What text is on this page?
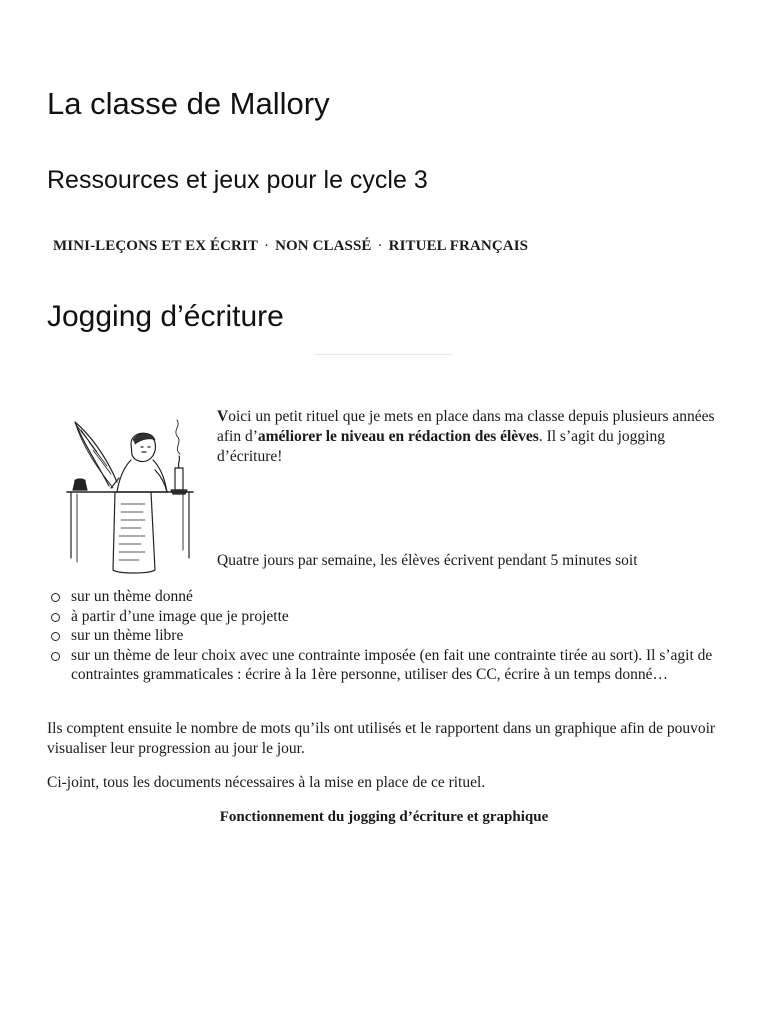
La classe de Mallory
Ressources et jeux pour le cycle 3
MINI-LEÇONS ET EX ÉCRIT · NON CLASSÉ · RITUEL FRANÇAIS
Jogging d’écriture

Voici un petit rituel que je mets en place dans ma classe depuis plusieurs années afin d’améliorer le niveau en rédaction des élèves. Il s’agit du jogging d’écriture!

Quatre jours par semaine, les élèves écrivent pendant 5 minutes soit

sur un thème donné
à partir d’une image que je projette
sur un thème libre
sur un thème de leur choix avec une contrainte imposée (en fait une contrainte tirée au sort). Il s’agit de contraintes grammaticales : écrire à la 1ère personne, utiliser des CC, écrire à un temps donné…

Ils comptent ensuite le nombre de mots qu’ils ont utilisés et le rapportent dans un graphique afin de pouvoir visualiser leur progression au jour le jour.

Ci-joint, tous les documents nécessaires à la mise en place de ce rituel.

Fonctionnement du jogging d’écriture et graphique
